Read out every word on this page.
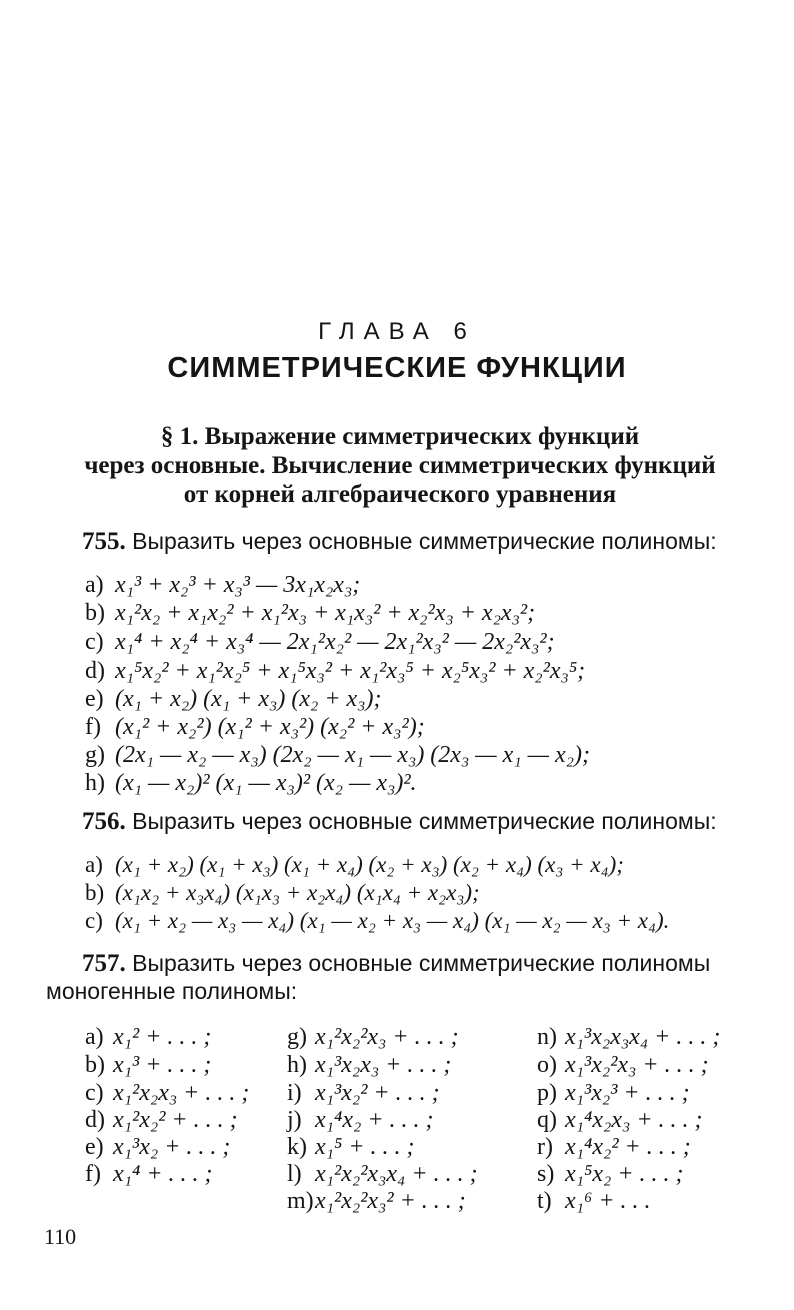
ГЛАВА 6
СИММЕТРИЧЕСКИЕ ФУНКЦИИ
§ 1. Выражение симметрических функций
через основные. Вычисление симметрических функций
от корней алгебраического уравнения
755. Выразить через основные симметрические полиномы:
a) x₁³ + x₂³ + x₃³ — 3x₁x₂x₃;
b) x₁²x₂ + x₁x₂² + x₁²x₃ + x₁x₃² + x₂²x₃ + x₂x₃²;
c) x₁⁴ + x₂⁴ + x₃⁴ — 2x₁²x₂² — 2x₁²x₃² — 2x₂²x₃²;
d) x₁⁵x₂² + x₁²x₂⁵ + x₁⁵x₃² + x₁²x₃⁵ + x₂⁵x₃² + x₂²x₃⁵;
e) (x₁ + x₂) (x₁ + x₃) (x₂ + x₃);
f) (x₁² + x₂²) (x₁² + x₃²) (x₂² + x₃²);
g) (2x₁ — x₂ — x₃) (2x₂ — x₁ — x₃) (2x₃ — x₁ — x₂);
h) (x₁ — x₂)² (x₁ — x₃)² (x₂ — x₃)².
756. Выразить через основные симметрические полиномы:
a) (x₁ + x₂) (x₁ + x₃) (x₁ + x₄) (x₂ + x₃) (x₂ + x₄) (x₃ + x₄);
b) (x₁x₂ + x₃x₄) (x₁x₃ + x₂x₄) (x₁x₄ + x₂x₃);
c) (x₁ + x₂ — x₃ — x₄) (x₁ — x₂ + x₃ — x₄) (x₁ — x₂ — x₃ + x₄).
757. Выразить через основные симметрические полиномы
моногенные полиномы:
a) x₁² + . . . ;
b) x₁³ + . . . ;
c) x₁²x₂x₃ + . . . ;
d) x₁²x₂² + . . . ;
e) x₁³x₂ + . . . ;
f) x₁⁴ + . . . ;
g) x₁²x₂²x₃ + . . . ;
h) x₁³x₂x₃ + . . . ;
i) x₁³x₂² + . . . ;
j) x₁⁴x₂ + . . . ;
k) x₁⁵ + . . . ;
l) x₁²x₂²x₃x₄ + . . . ;
m)x₁²x₂²x₃² + . . . ;
n) x₁³x₂x₃x₄ + . . . ;
o) x₁³x₂²x₃ + . . . ;
p) x₁³x₂³ + . . . ;
q) x₁⁴x₂x₃ + . . . ;
r) x₁⁴x₂² + . . . ;
s) x₁⁵x₂ + . . . ;
t) x₁⁶ + . . .
110
